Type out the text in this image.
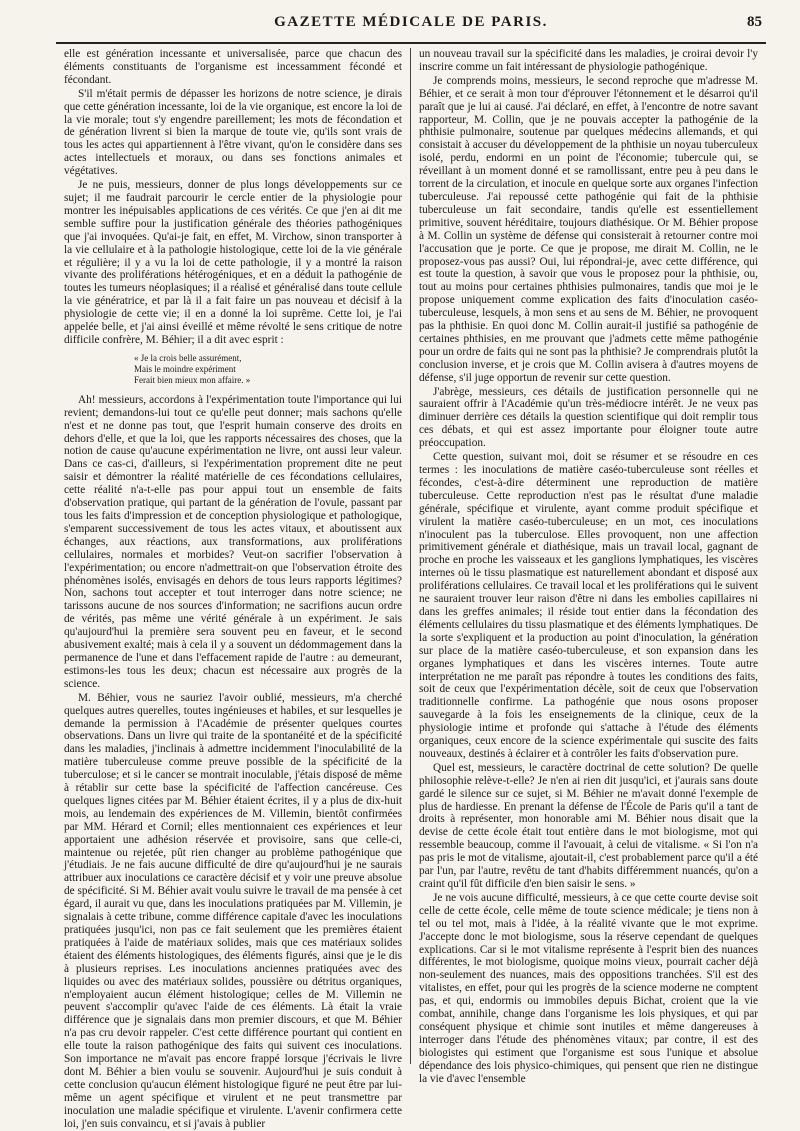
GAZETTE MÉDICALE DE PARIS.	85

elle est génération incessante et universalisée, parce que chacun des éléments constituants de l'organisme est incessamment fécondé et fécondant.

S'il m'était permis de dépasser les horizons de notre science, je dirais que cette génération incessante, loi de la vie organique, est encore la loi de la vie morale; tout s'y engendre pareillement; les mots de fécondation et de génération livrent si bien la marque de toute vie, qu'ils sont vrais de tous les actes qui appartiennent à l'être vivant, qu'on le considère dans ses actes intellectuels et moraux, ou dans ses fonctions animales et végétatives.

Je ne puis, messieurs, donner de plus longs développements sur ce sujet; il me faudrait parcourir le cercle entier de la physiologie pour montrer les inépuisables applications de ces vérités. Ce que j'en ai dit me semble suffire pour la justification générale des théories pathogéniques que j'ai invoquées. Qu'ai-je fait, en effet, M. Virchow, sinon transporter à la vie cellulaire et à la pathologie histologique, cette loi de la vie générale et régulière; il y a vu la loi de cette pathologie, il y a montré la raison vivante des proliférations hétérogéniques, et en a déduit la pathogénie de toutes les tumeurs néoplasiques; il a réalisé et généralisé dans toute cellule la vie génératrice, et par là il a fait faire un pas nouveau et décisif à la physiologie de cette vie; il en a donné la loi suprême. Cette loi, je l'ai appelée belle, et j'ai ainsi éveillé et même révolté le sens critique de notre difficile confrère, M. Béhier; il a dit avec esprit :

« Je la crois belle assurément,
Mais le moindre expériment
Ferait bien mieux mon affaire. »

Ah! messieurs, accordons à l'expérimentation toute l'importance qui lui revient; demandons-lui tout ce qu'elle peut donner; mais sachons qu'elle n'est et ne donne pas tout, que l'esprit humain conserve des droits en dehors d'elle, et que la loi, que les rapports nécessaires des choses, que la notion de cause qu'aucune expérimentation ne livre, ont aussi leur valeur. Dans ce cas-ci, d'ailleurs, si l'expérimentation proprement dite ne peut saisir et démontrer la réalité matérielle de ces fécondations cellulaires, cette réalité n'a-t-elle pas pour appui tout un ensemble de faits d'observation pratique, qui partant de la génération de l'ovule, passant par tous les faits d'impression et de conception physiologique et pathologique, s'emparent successivement de tous les actes vitaux, et aboutissent aux échanges, aux réactions, aux transformations, aux proliférations cellulaires, normales et morbides? Veut-on sacrifier l'observation à l'expérimentation; ou encore n'admettrait-on que l'observation étroite des phénomènes isolés, envisagés en dehors de tous leurs rapports légitimes? Non, sachons tout accepter et tout interroger dans notre science; ne tarissons aucune de nos sources d'information; ne sacrifions aucun ordre de vérités, pas même une vérité générale à un expériment. Je sais qu'aujourd'hui la première sera souvent peu en faveur, et le second abusivement exalté; mais à cela il y a souvent un dédommagement dans la permanence de l'une et dans l'effacement rapide de l'autre : au demeurant, estimons-les tous les deux; chacun est nécessaire aux progrès de la science.

M. Béhier, vous ne sauriez l'avoir oublié, messieurs, m'a cherché quelques autres querelles, toutes ingénieuses et habiles, et sur lesquelles je demande la permission à l'Académie de présenter quelques courtes observations. Dans un livre qui traite de la spontanéité et de la spécificité dans les maladies, j'inclinais à admettre incidemment l'inoculabilité de la matière tuberculeuse comme preuve possible de la spécificité de la tuberculose; et si le cancer se montrait inoculable, j'étais disposé de même à rétablir sur cette base la spécificité de l'affection cancéreuse. Ces quelques lignes citées par M. Béhier étaient écrites, il y a plus de dix-huit mois, au lendemain des expériences de M. Villemin, bientôt confirmées par MM. Hérard et Cornil; elles mentionnaient ces expériences et leur apportaient une adhésion réservée et provisoire, sans que celle-ci, maintenue ou rejetée, pût rien changer au problème pathogénique que j'étudiais. Je ne fais aucune difficulté de dire qu'aujourd'hui je ne saurais attribuer aux inoculations ce caractère décisif et y voir une preuve absolue de spécificité. Si M. Béhier avait voulu suivre le travail de ma pensée à cet égard, il aurait vu que, dans les inoculations pratiquées par M. Villemin, je signalais à cette tribune, comme différence capitale d'avec les inoculations pratiquées jusqu'ici, non pas ce fait seulement que les premières étaient pratiquées à l'aide de matériaux solides, mais que ces matériaux solides étaient des éléments histologiques, des éléments figurés, ainsi que je le dis à plusieurs reprises. Les inoculations anciennes pratiquées avec des liquides ou avec des matériaux solides, poussière ou détritus organiques, n'employaient aucun élément histologique; celles de M. Villemin ne peuvent s'accomplir qu'avec l'aide de ces éléments. Là était la vraie différence que je signalais dans mon premier discours, et que M. Béhier n'a pas cru devoir rappeler. C'est cette différence pourtant qui contient en elle toute la raison pathogénique des faits qui suivent ces inoculations. Son importance ne m'avait pas encore frappé lorsque j'écrivais le livre dont M. Béhier a bien voulu se souvenir. Aujourd'hui je suis conduit à cette conclusion qu'aucun élément histologique figuré ne peut être par lui-même un agent spécifique et virulent et ne peut transmettre par inoculation une maladie spécifique et virulente. L'avenir confirmera cette loi, j'en suis convaincu, et si j'avais à publier

un nouveau travail sur la spécificité dans les maladies, je croirai devoir l'y inscrire comme un fait intéressant de physiologie pathogénique.

Je comprends moins, messieurs, le second reproche que m'adresse M. Béhier, et ce serait à mon tour d'éprouver l'étonnement et le désarroi qu'il paraît que je lui ai causé. J'ai déclaré, en effet, à l'encontre de notre savant rapporteur, M. Collin, que je ne pouvais accepter la pathogénie de la phthisie pulmonaire, soutenue par quelques médecins allemands, et qui consistait à accuser du développement de la phthisie un noyau tuberculeux isolé, perdu, endormi en un point de l'économie; tubercule qui, se réveillant à un moment donné et se ramollissant, entre peu à peu dans le torrent de la circulation, et inocule en quelque sorte aux organes l'infection tuberculeuse. J'ai repoussé cette pathogénie qui fait de la phthisie tuberculeuse un fait secondaire, tandis qu'elle est essentiellement primitive, souvent héréditaire, toujours diathésique. Or M. Béhier propose à M. Collin un système de défense qui consisterait à retourner contre moi l'accusation que je porte. Ce que je propose, me dirait M. Collin, ne le proposez-vous pas aussi? Oui, lui répondrai-je, avec cette différence, qui est toute la question, à savoir que vous le proposez pour la phthisie, ou, tout au moins pour certaines phthisies pulmonaires, tandis que moi je le propose uniquement comme explication des faits d'inoculation caséo-tuberculeuse, lesquels, à mon sens et au sens de M. Béhier, ne provoquent pas la phthisie. En quoi donc M. Collin aurait-il justifié sa pathogénie de certaines phthisies, en me prouvant que j'admets cette même pathogénie pour un ordre de faits qui ne sont pas la phthisie? Je comprendrais plutôt la conclusion inverse, et je crois que M. Collin avisera à d'autres moyens de défense, s'il juge opportun de revenir sur cette question.

J'abrège, messieurs, ces détails de justification personnelle qui ne sauraient offrir à l'Académie qu'un très-médiocre intérêt. Je ne veux pas diminuer derrière ces détails la question scientifique qui doit remplir tous ces débats, et qui est assez importante pour éloigner toute autre préoccupation.

Cette question, suivant moi, doit se résumer et se résoudre en ces termes : les inoculations de matière caséo-tuberculeuse sont réelles et fécondes, c'est-à-dire déterminent une reproduction de matière tuberculeuse. Cette reproduction n'est pas le résultat d'une maladie générale, spécifique et virulente, ayant comme produit spécifique et virulent la matière caséo-tuberculeuse; en un mot, ces inoculations n'inoculent pas la tuberculose. Elles provoquent, non une affection primitivement générale et diathésique, mais un travail local, gagnant de proche en proche les vaisseaux et les ganglions lymphatiques, les viscères internes où le tissu plasmatique est naturellement abondant et disposé aux proliférations cellulaires. Ce travail local et les proliférations qui le suivent ne sauraient trouver leur raison d'être ni dans les embolies capillaires ni dans les greffes animales; il réside tout entier dans la fécondation des éléments cellulaires du tissu plasmatique et des éléments lymphatiques. De la sorte s'expliquent et la production au point d'inoculation, la génération sur place de la matière caséo-tuberculeuse, et son expansion dans les organes lymphatiques et dans les viscères internes. Toute autre interprétation ne me paraît pas répondre à toutes les conditions des faits, soit de ceux que l'expérimentation décèle, soit de ceux que l'observation traditionnelle confirme. La pathogénie que nous osons proposer sauvegarde à la fois les enseignements de la clinique, ceux de la physiologie intime et profonde qui s'attache à l'étude des éléments organiques, ceux encore de la science expérimentale qui suscite des faits nouveaux, destinés à éclairer et à contrôler les faits d'observation pure.

Quel est, messieurs, le caractère doctrinal de cette solution? De quelle philosophie relève-t-elle? Je n'en ai rien dit jusqu'ici, et j'aurais sans doute gardé le silence sur ce sujet, si M. Béhier ne m'avait donné l'exemple de plus de hardiesse. En prenant la défense de l'École de Paris qu'il a tant de droits à représenter, mon honorable ami M. Béhier nous disait que la devise de cette école était tout entière dans le mot biologisme, mot qui ressemble beaucoup, comme il l'avouait, à celui de vitalisme. « Si l'on n'a pas pris le mot de vitalisme, ajoutait-il, c'est probablement parce qu'il a été par l'un, par l'autre, revêtu de tant d'habits différemment nuancés, qu'on a craint qu'il fût difficile d'en bien saisir le sens. »

Je ne vois aucune difficulté, messieurs, à ce que cette courte devise soit celle de cette école, celle même de toute science médicale; je tiens non à tel ou tel mot, mais à l'idée, à la réalité vivante que le mot exprime. J'accepte donc le mot biologisme, sous la réserve cependant de quelques explications. Car si le mot vitalisme représente à l'esprit bien des nuances différentes, le mot biologisme, quoique moins vieux, pourrait cacher déjà non-seulement des nuances, mais des oppositions tranchées. S'il est des vitalistes, en effet, pour qui les progrès de la science moderne ne comptent pas, et qui, endormis ou immobiles depuis Bichat, croient que la vie combat, annihile, change dans l'organisme les lois physiques, et qui par conséquent physique et chimie sont inutiles et même dangereuses à interroger dans l'étude des phénomènes vitaux; par contre, il est des biologistes qui estiment que l'organisme est sous l'unique et absolue dépendance des lois physico-chimiques, qui pensent que rien ne distingue la vie d'avec l'ensemble
